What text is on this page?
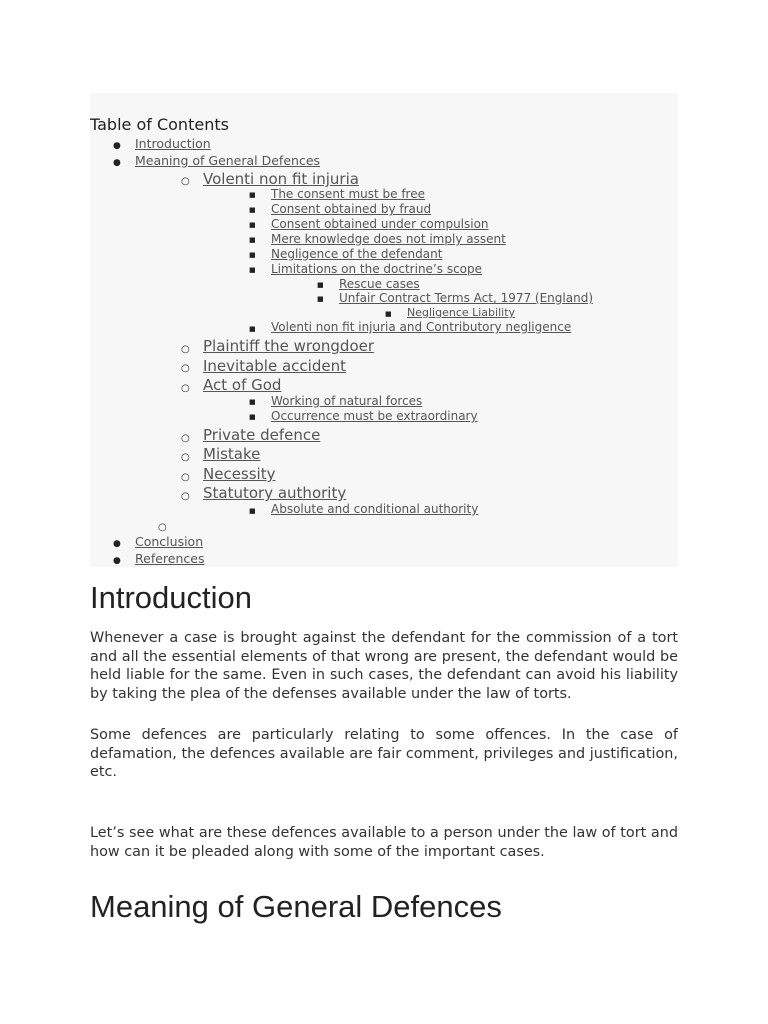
Table of Contents
● Introduction
● Meaning of General Defences
○ Volenti non fit injuria
■ The consent must be free
■ Consent obtained by fraud
■ Consent obtained under compulsion
■ Mere knowledge does not imply assent
■ Negligence of the defendant
■ Limitations on the doctrine’s scope
■ Rescue cases
■ Unfair Contract Terms Act, 1977 (England)
■ Negligence Liability
■ Volenti non fit injuria and Contributory negligence
○ Plaintiff the wrongdoer
○ Inevitable accident
○ Act of God
■ Working of natural forces
■ Occurrence must be extraordinary
○ Private defence
○ Mistake
○ Necessity
○ Statutory authority
■ Absolute and conditional authority
○
● Conclusion
● References
Introduction

Whenever a case is brought against the defendant for the commission of a tort and all the essential elements of that wrong are present, the defendant would be held liable for the same. Even in such cases, the defendant can avoid his liability by taking the plea of the defenses available under the law of torts.

Some defences are particularly relating to some offences. In the case of defamation, the defences available are fair comment, privileges and justification, etc.

Let’s see what are these defences available to a person under the law of tort and how can it be pleaded along with some of the important cases.

Meaning of General Defences
